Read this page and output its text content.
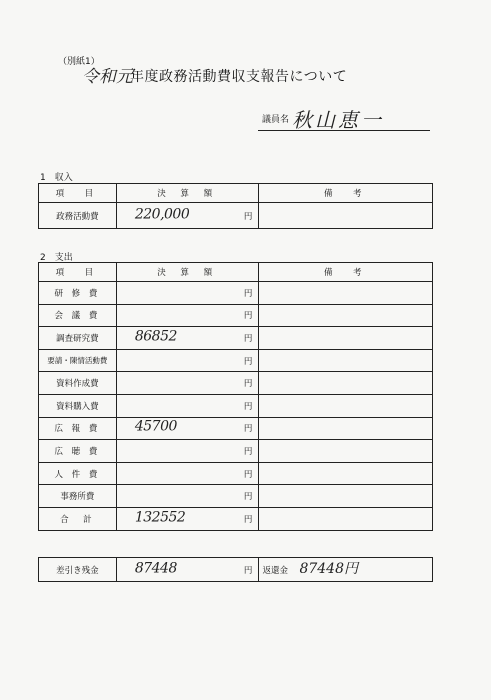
（別紙1）
令和元
年度政務活動費収支報告について
議員名 秋山恵一
1　収入
項　目	決 算 額	備　考
政務活動費	220,000 円	

2　支出
項　目	決 算 額	備　考
研 修 費	円	

会 議 費	円	

調査研究費	86852 円	

要請・陳情活動費	円	

資料作成費	円	

資料購入費	円	

広 報 費	45700 円	

広 聴 費	円	

人 件 費	円	

事務所費	円	

合　計	132552 円	

差引き残金	87448	円	返還金 87448円
